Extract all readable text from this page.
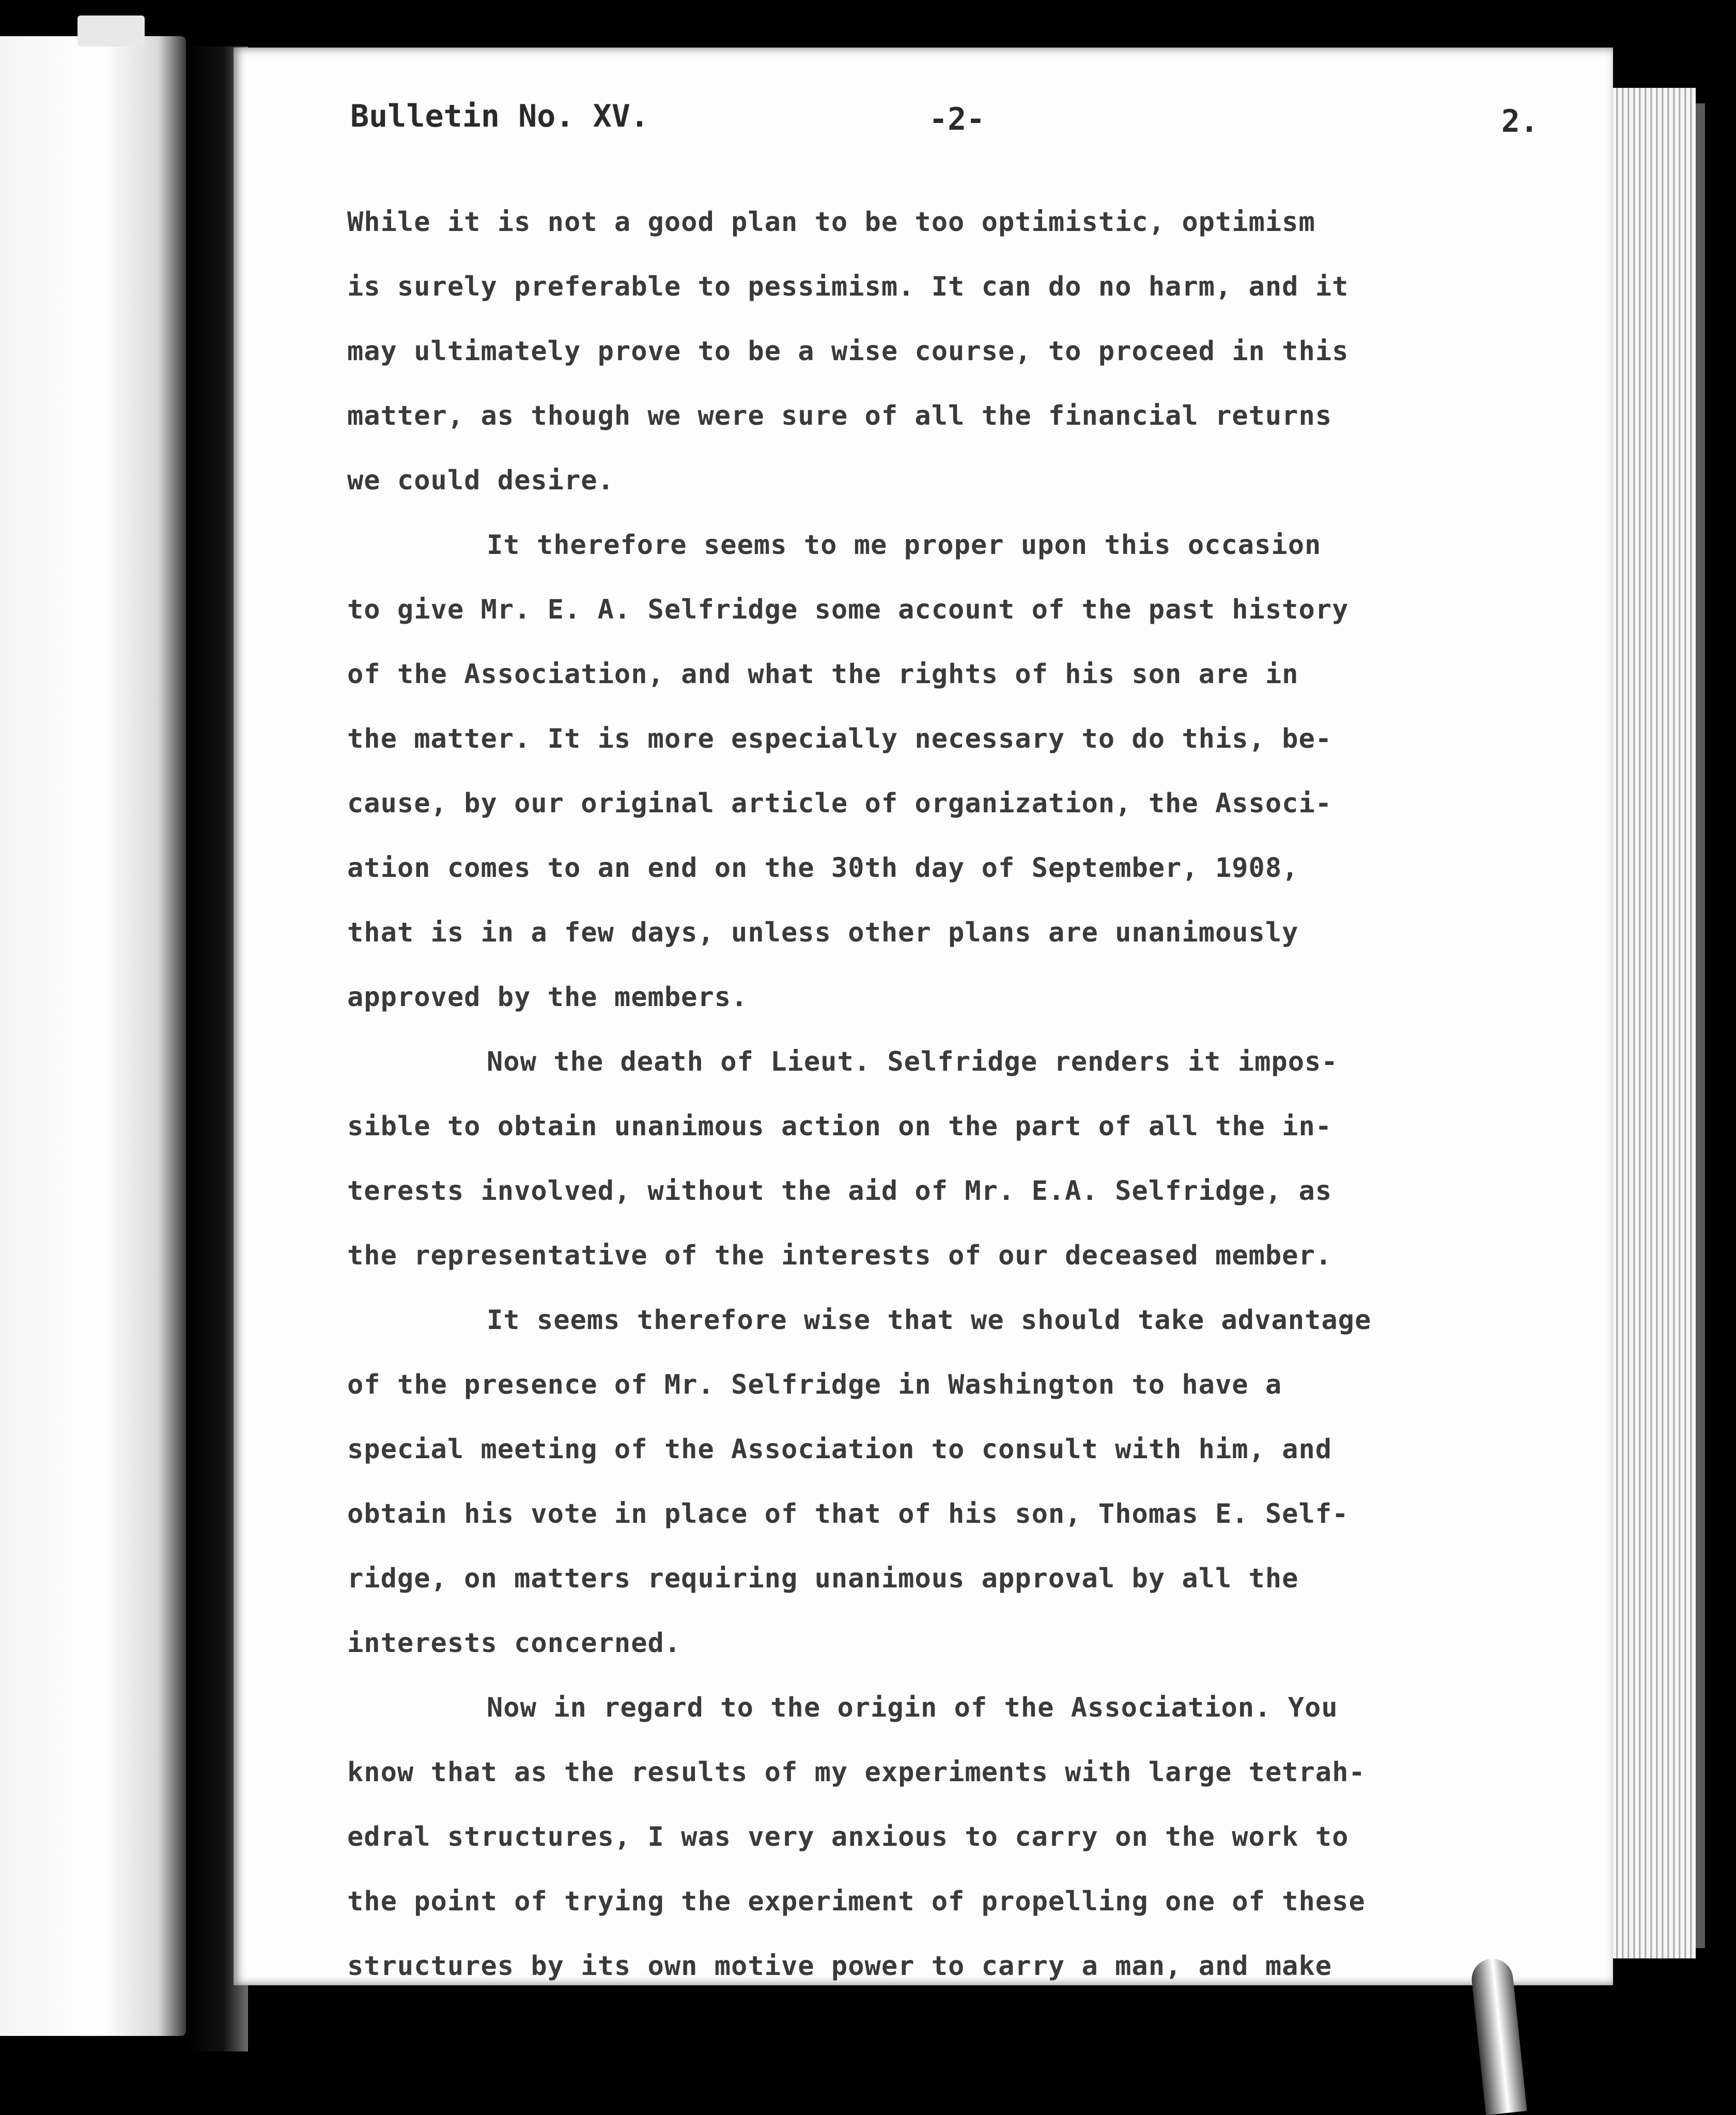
Bulletin No. XV.	-2-	2.
While it is not a good plan to be too optimistic, optimism
is surely preferable to pessimism. It can do no harm, and it
may ultimately prove to be a wise course, to proceed in this
matter, as though we were sure of all the financial returns
we could desire.
It therefore seems to me proper upon this occasion
to give Mr. E. A. Selfridge some account of the past history
of the Association, and what the rights of his son are in
the matter. It is more especially necessary to do this, be-
cause, by our original article of organization, the Associ-
ation comes to an end on the 30th day of September, 1908,
that is in a few days, unless other plans are unanimously
approved by the members.
Now the death of Lieut. Selfridge renders it impos-
sible to obtain unanimous action on the part of all the in-
terests involved, without the aid of Mr. E.A. Selfridge, as
the representative of the interests of our deceased member.
It seems therefore wise that we should take advantage
of the presence of Mr. Selfridge in Washington to have a
special meeting of the Association to consult with him, and
obtain his vote in place of that of his son, Thomas E. Self-
ridge, on matters requiring unanimous approval by all the
interests concerned.
Now in regard to the origin of the Association. You
know that as the results of my experiments with large tetrah-
edral structures, I was very anxious to carry on the work to
the point of trying the experiment of propelling one of these
structures by its own motive power to carry a man, and make
